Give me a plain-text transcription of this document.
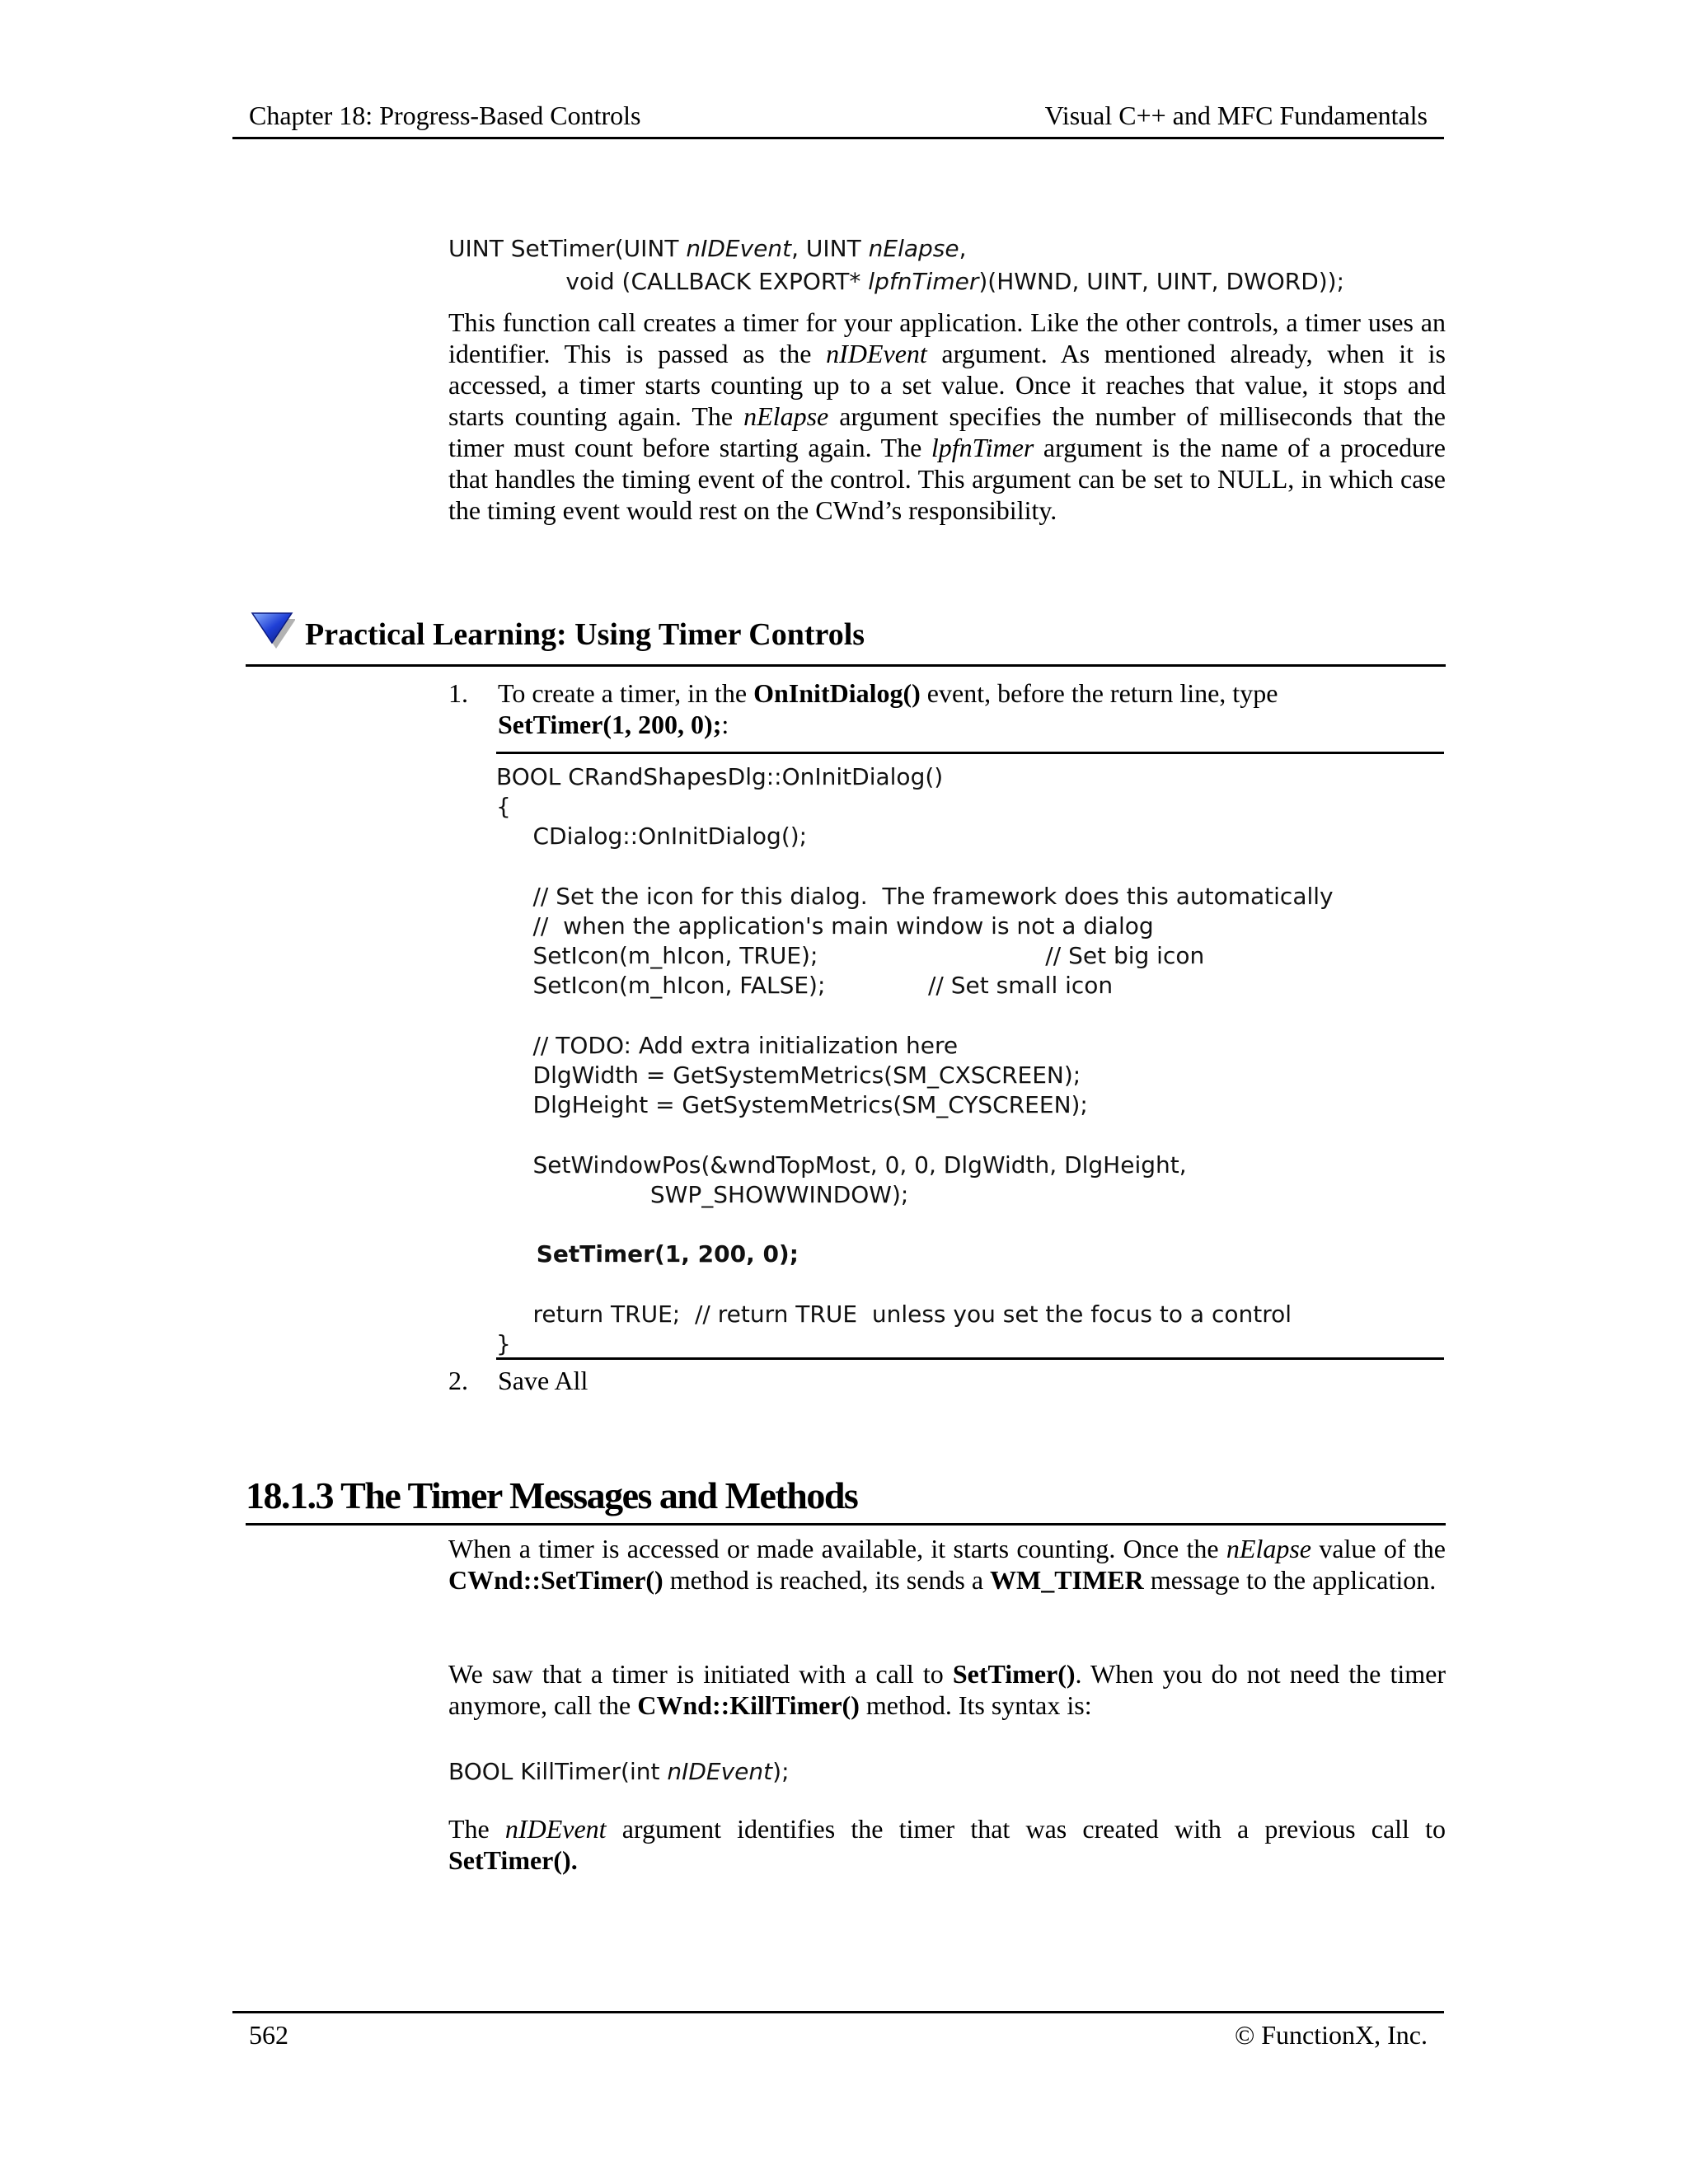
Chapter 18: Progress-Based Controls	Visual C++ and MFC Fundamentals
UINT SetTimer(UINT nIDEvent, UINT nElapse,
void (CALLBACK EXPORT* lpfnTimer)(HWND, UINT, UINT, DWORD));

This function call creates a timer for your application. Like the other controls, a timer uses an identifier. This is passed as the nIDEvent argument. As mentioned already, when it is accessed, a timer starts counting up to a set value. Once it reaches that value, it stops and starts counting again. The nElapse argument specifies the number of milliseconds that the timer must count before starting again. The lpfnTimer argument is the name of a procedure that handles the timing event of the control. This argument can be set to NULL, in which case the timing event would rest on the CWnd’s responsibility.

Practical Learning: Using Timer Controls
1. To create a timer, in the OnInitDialog() event, before the return line, type
SetTimer(1, 200, 0);:

BOOL CRandShapesDlg::OnInitDialog()
{
CDialog::OnInitDialog();

// Set the icon for this dialog.  The framework does this automatically
//  when the application's main window is not a dialog
SetIcon(m_hIcon, TRUE);                               // Set big icon
SetIcon(m_hIcon, FALSE);              // Set small icon

// TODO: Add extra initialization here
DlgWidth = GetSystemMetrics(SM_CXSCREEN);
DlgHeight = GetSystemMetrics(SM_CYSCREEN);

SetWindowPos(&wndTopMost, 0, 0, DlgWidth, DlgHeight,
SWP_SHOWWINDOW);

SetTimer(1, 200, 0);

return TRUE;  // return TRUE  unless you set the focus to a control
}
2. Save All
18.1.3 The Timer Messages and Methods

When a timer is accessed or made available, it starts counting. Once the nElapse value of the CWnd::SetTimer() method is reached, its sends a WM_TIMER message to the application.

We saw that a timer is initiated with a call to SetTimer(). When you do not need the timer anymore, call the CWnd::KillTimer() method. Its syntax is:

BOOL KillTimer(int nIDEvent);

The nIDEvent argument identifies the timer that was created with a previous call to SetTimer().

562	© FunctionX, Inc.
